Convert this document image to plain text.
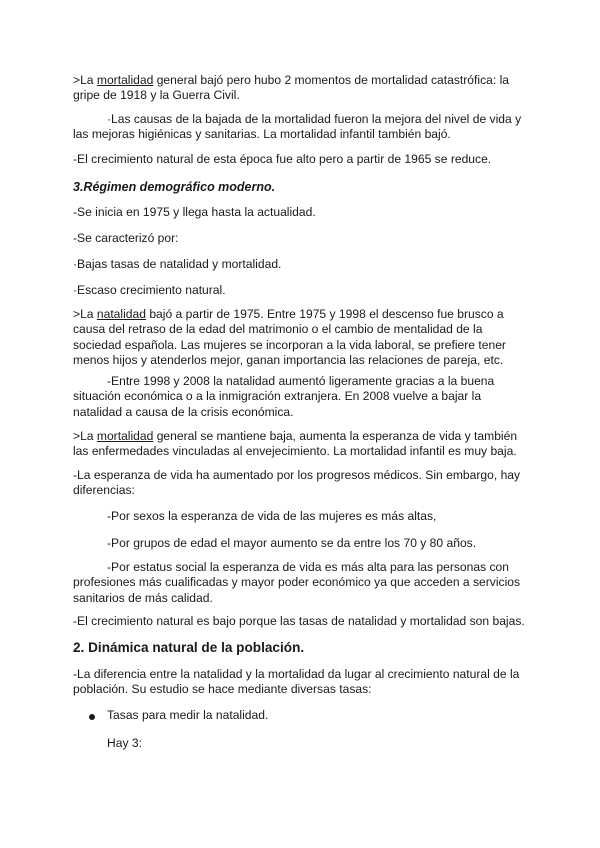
>La mortalidad general bajó pero hubo 2 momentos de mortalidad catastrófica: la gripe de 1918 y la Guerra Civil.

·Las causas de la bajada de la mortalidad fueron la mejora del nivel de vida y las mejoras higiénicas y sanitarias. La mortalidad infantil también bajó.

-El crecimiento natural de esta época fue alto pero a partir de 1965 se reduce.

3.Régimen demográfico moderno.

-Se inicia en 1975 y llega hasta la actualidad.

-Se caracterizó por:

·Bajas tasas de natalidad y mortalidad.

·Escaso crecimiento natural.

>La natalidad bajó a partir de 1975. Entre 1975 y 1998 el descenso fue brusco a causa del retraso de la edad del matrimonio o el cambio de mentalidad de la sociedad española. Las mujeres se incorporan a la vida laboral, se prefiere tener menos hijos y atenderlos mejor, ganan importancia las relaciones de pareja, etc.

-Entre 1998 y 2008 la natalidad aumentó ligeramente gracias a la buena situación económica o a la inmigración extranjera. En 2008 vuelve a bajar la natalidad a causa de la crisis económica.

>La mortalidad general se mantiene baja, aumenta la esperanza de vida y también las enfermedades vinculadas al envejecimiento. La mortalidad infantil es muy baja.

-La esperanza de vida ha aumentado por los progresos médicos. Sin embargo, hay diferencias:

-Por sexos la esperanza de vida de las mujeres es más altas,

-Por grupos de edad el mayor aumento se da entre los 70 y 80 años.

-Por estatus social la esperanza de vida es más alta para las personas con profesiones más cualificadas y mayor poder económico ya que acceden a servicios sanitarios de más calidad.

-El crecimiento natural es bajo porque las tasas de natalidad y mortalidad son bajas.

2. Dinámica natural de la población.

-La diferencia entre la natalidad y la mortalidad da lugar al crecimiento natural de la población. Su estudio se hace mediante diversas tasas:

Tasas para medir la natalidad.

Hay 3:
